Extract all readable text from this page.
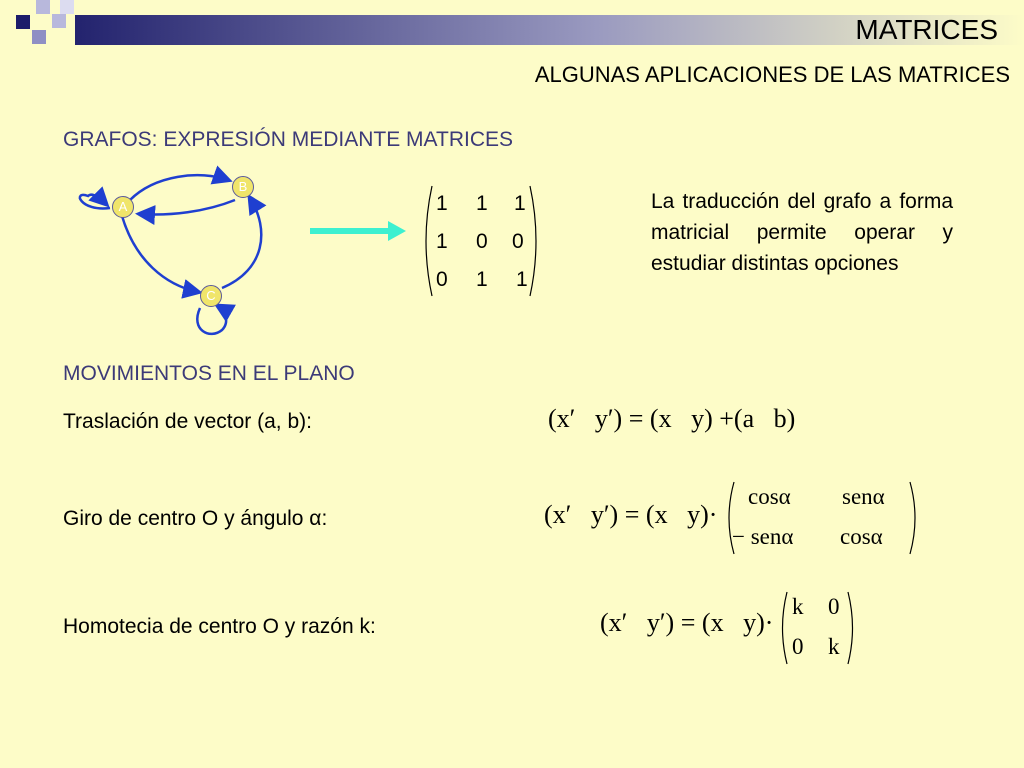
MATRICES
ALGUNAS APLICACIONES DE LAS MATRICES
GRAFOS: EXPRESIÓN MEDIANTE MATRICES
A
B
C
1 1 1
1 0 0
0 1 1
La traducción del grafo a forma matricial permite operar y estudiar distintas opciones
MOVIMIENTOS EN EL PLANO
Traslación de vector (a, b):	(x′ y′) = (x y) +(a b)
Giro de centro O y ángulo α:	(x′ y′) = (x y)·
cosα senα
− senα cosα
Homotecia de centro O y razón k:	(x′ y′) = (x y)·
k 0
0 k
